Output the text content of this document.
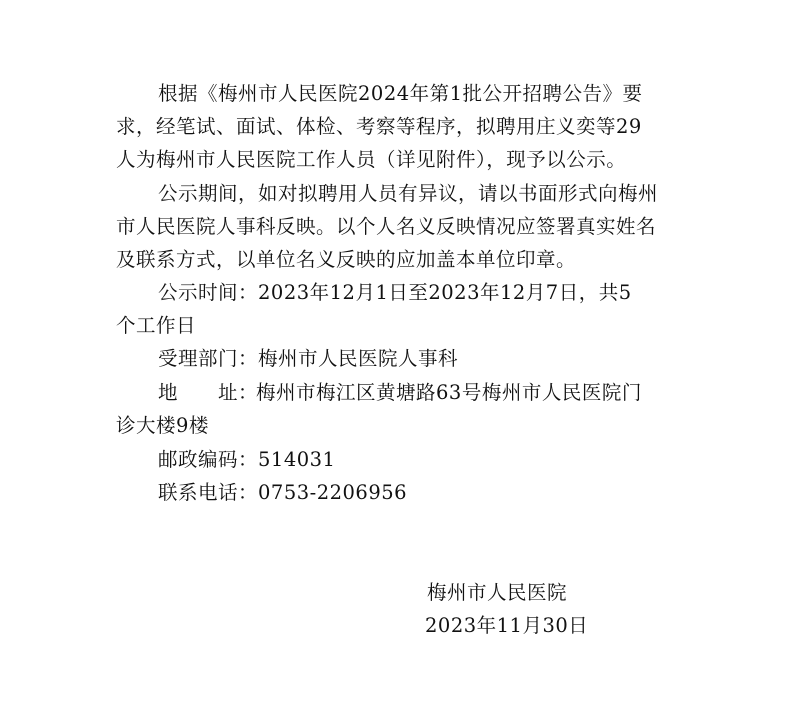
根据《梅州市人民医院2024年第1批公开招聘公告》要
求，经笔试、面试、体检、考察等程序，拟聘用庄义奕等29
人为梅州市人民医院工作人员（详见附件），现予以公示。
公示期间，如对拟聘用人员有异议，请以书面形式向梅州
市人民医院人事科反映。以个人名义反映情况应签署真实姓名
及联系方式，以单位名义反映的应加盖本单位印章。
公示时间：2023年12月1日至2023年12月7日，共5
个工作日
受理部门：梅州市人民医院人事科
地　　址：梅州市梅江区黄塘路63号梅州市人民医院门
诊大楼9楼
邮政编码：514031
联系电话：0753-2206956
梅州市人民医院
2023年11月30日
